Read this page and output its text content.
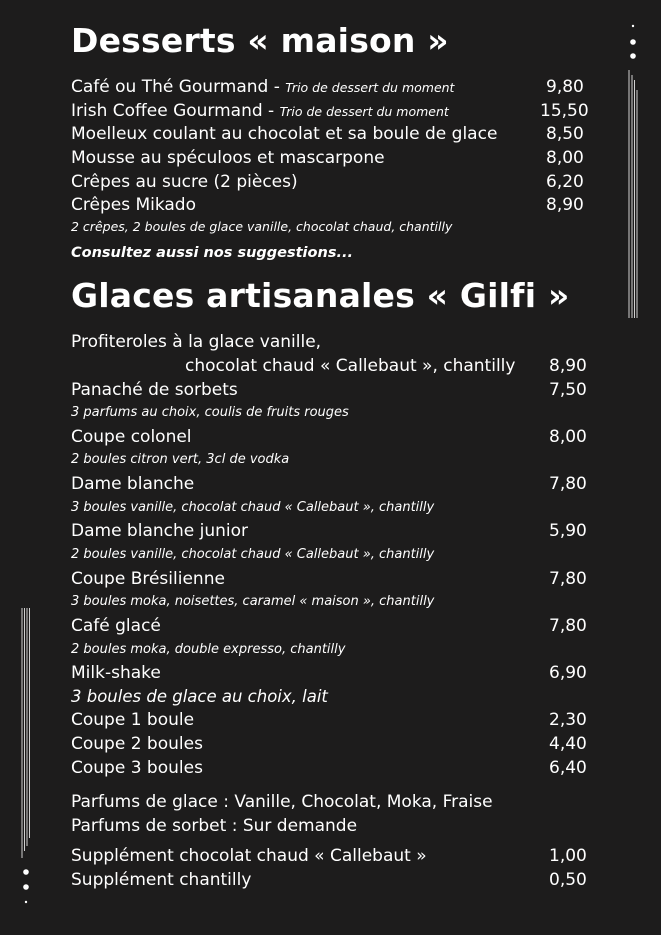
Desserts « maison »
Café ou Thé Gourmand - Trio de dessert du moment	9,80
Irish Coffee Gourmand - Trio de dessert du moment	15,50
Moelleux coulant au chocolat et sa boule de glace	8,50
Mousse au spéculoos et mascarpone	8,00
Crêpes au sucre (2 pièces)	6,20
Crêpes Mikado	8,90
2 crêpes, 2 boules de glace vanille, chocolat chaud, chantilly
Consultez aussi nos suggestions...
Glaces artisanales « Gilfi »
Profiteroles à la glace vanille,
chocolat chaud « Callebaut », chantilly 8,90
Panaché de sorbets	7,50
3 parfums au choix, coulis de fruits rouges
Coupe colonel	8,00
2 boules citron vert, 3cl de vodka
Dame blanche	7,80
3 boules vanille, chocolat chaud « Callebaut », chantilly
Dame blanche junior	5,90
2 boules vanille, chocolat chaud « Callebaut », chantilly
Coupe Brésilienne	7,80
3 boules moka, noisettes, caramel « maison », chantilly
Café glacé	7,80
2 boules moka, double expresso, chantilly
Milk-shake	6,90
3 boules de glace au choix, lait
Coupe 1 boule	2,30
Coupe 2 boules	4,40
Coupe 3 boules	6,40
Parfums de glace : Vanille, Chocolat, Moka, Fraise
Parfums de sorbet : Sur demande
Supplément chocolat chaud « Callebaut »	1,00
Supplément chantilly	0,50
